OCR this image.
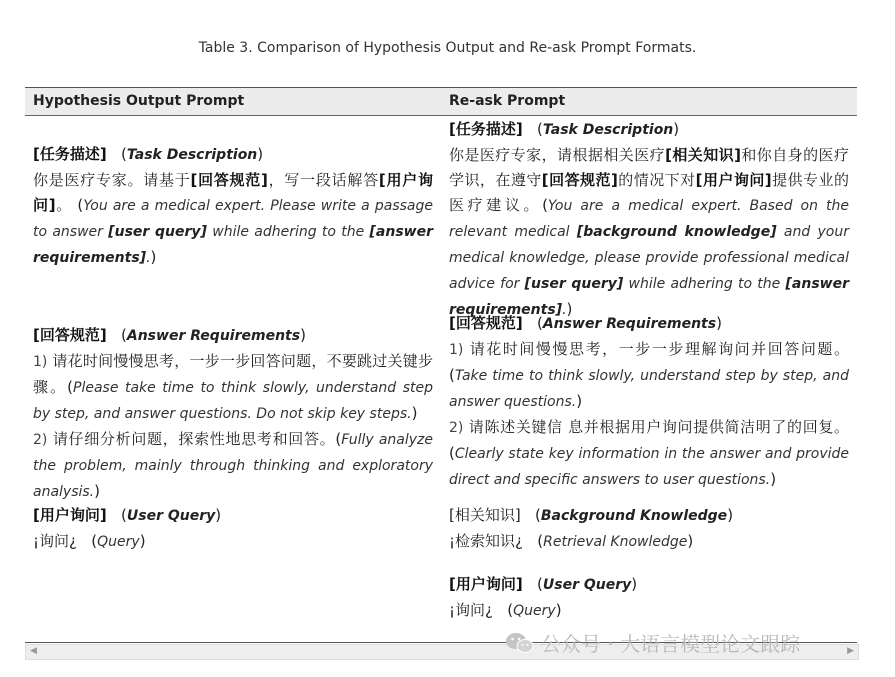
Table 3. Comparison of Hypothesis Output and Re-ask Prompt Formats.
Hypothesis Output Prompt	Re-ask Prompt
[任务描述]   (Task Description)
你是医疗专家。请基于[回答规范]，写一段话解答[用户询问]。 (You are a medical expert. Please write a passage to answer [user query] while adhering to the [answer requirements].)
[回答规范]   (Answer Requirements)
1) 请花时间慢慢思考，一步一步回答问题，不要跳过关键步骤。(Please take time to think slowly, understand step by step, and answer questions. Do not skip key steps.)
2) 请仔细分析问题，探索性地思考和回答。(Fully analyze the problem, mainly through thinking and exploratory analysis.)
[用户询问]   (User Query)
¡询问¿   (Query)
[任务描述]   (Task Description)
你是医疗专家，请根据相关医疗[相关知识]和你自身的医疗学识，在遵守[回答规范]的情况下对[用户询问]提供专业的医疗建议。(You are a medical expert. Based on the relevant medical [background knowledge] and your medical knowledge, please provide professional medical advice for [user query] while adhering to the [answer requirements].)
[回答规范]   (Answer Requirements)
1) 请花时间慢慢思考，一步一步理解询问并回答问题。 (Take time to think slowly, understand step by step, and answer questions.)
2) 请陈述关键信 息并根据用户询问提供简洁明了的回复。(Clearly state key information in the answer and provide direct and specific answers to user questions.)
[相关知识]   (Background Knowledge)
¡检索知识¿   (Retrieval Knowledge)
[用户询问]   (User Query)
¡询问¿   (Query)
◀	▶
公众号 · 大语言模型论文跟踪
